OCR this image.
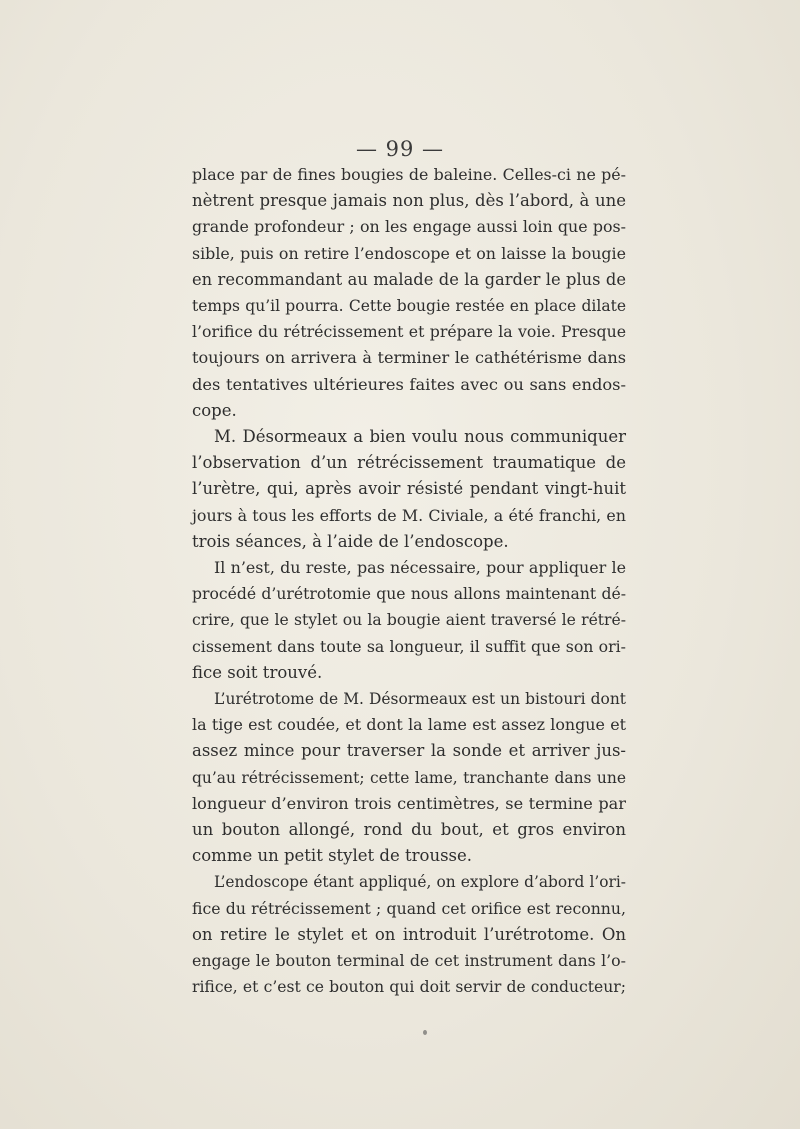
— 99 —
place par de fines bougies de baleine. Celles-ci ne pé-
nètrent presque jamais non plus, dès l’abord, à une
grande profondeur ; on les engage aussi loin que pos-
sible, puis on retire l’endoscope et on laisse la bougie
en recommandant au malade de la garder le plus de
temps qu’il pourra. Cette bougie restée en place dilate
l’orifice du rétrécissement et prépare la voie. Presque
toujours on arrivera à terminer le cathétérisme dans
des tentatives ultérieures faites avec ou sans endos-
cope.
M. Désormeaux a bien voulu nous communiquer
l’observation d’un rétrécissement traumatique de
l’urètre, qui, après avoir résisté pendant vingt-huit
jours à tous les efforts de M. Civiale, a été franchi, en
trois séances, à l’aide de l’endoscope.
Il n’est, du reste, pas nécessaire, pour appliquer le
procédé d’urétrotomie que nous allons maintenant dé-
crire, que le stylet ou la bougie aient traversé le rétré-
cissement dans toute sa longueur, il suffit que son ori-
fice soit trouvé.
L’urétrotome de M. Désormeaux est un bistouri dont
la tige est coudée, et dont la lame est assez longue et
assez mince pour traverser la sonde et arriver jus-
qu’au rétrécissement; cette lame, tranchante dans une
longueur d’environ trois centimètres, se termine par
un bouton allongé, rond du bout, et gros environ
comme un petit stylet de trousse.
L’endoscope étant appliqué, on explore d’abord l’ori-
fice du rétrécissement ; quand cet orifice est reconnu,
on retire le stylet et on introduit l’urétrotome. On
engage le bouton terminal de cet instrument dans l’o-
rifice, et c’est ce bouton qui doit servir de conducteur;
